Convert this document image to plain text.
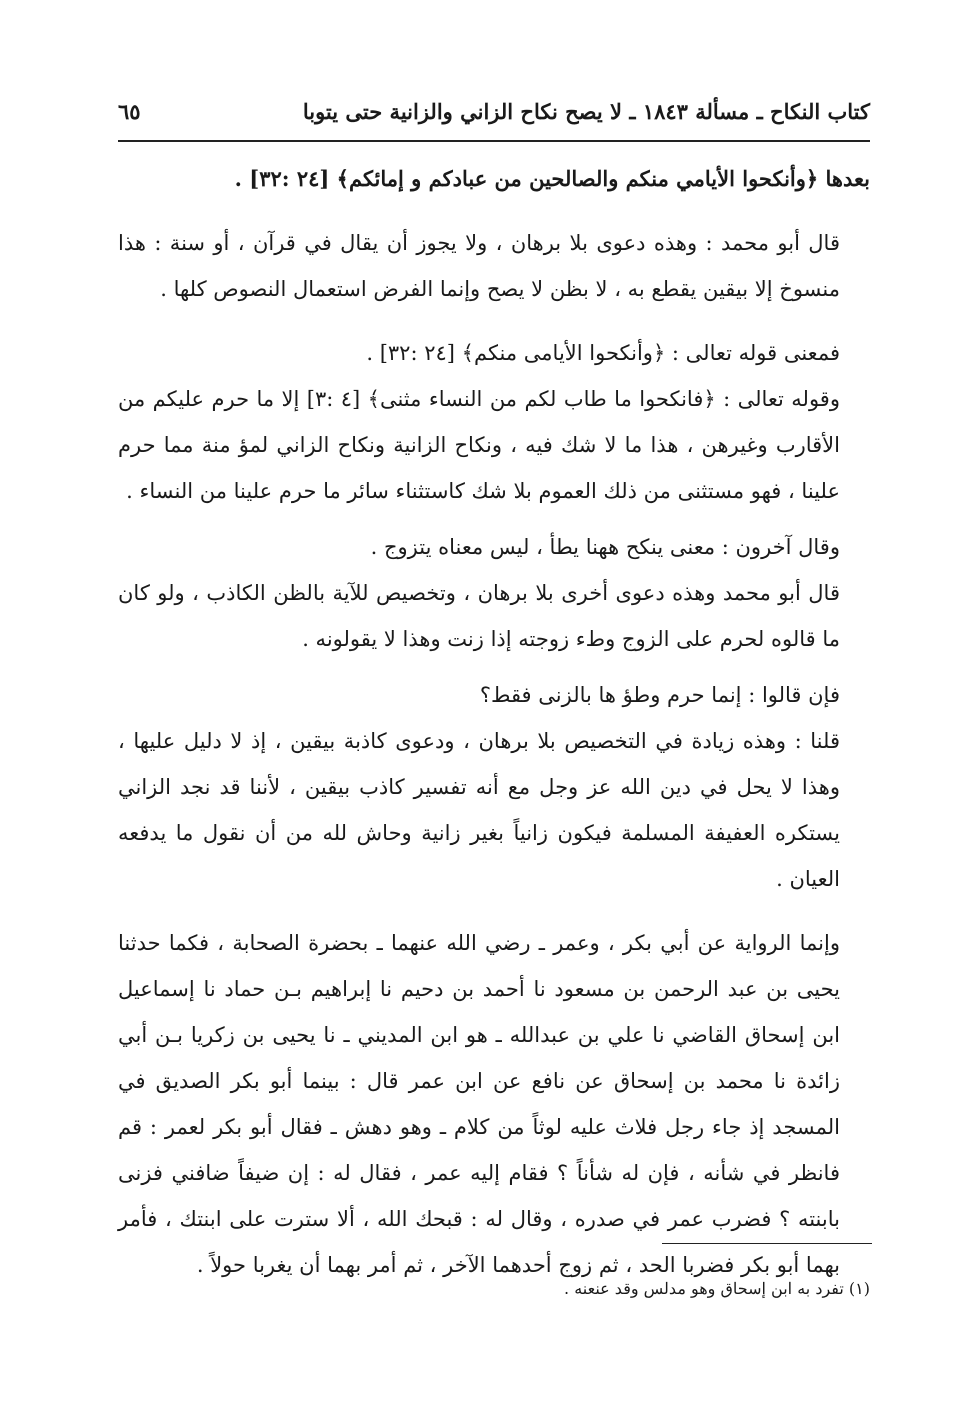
كتاب النكاح ـ مسألة ١٨٤٣ ـ لا يصح نكاح الزاني والزانية حتى يتوبا
٦٥

بعدها ﴿وأنكحوا الأيامي منكم والصالحين من عبادكم و إمائكم﴾ [٢٤ :٣٢] .

قال أبو محمد : وهذه دعوى بلا برهان ، ولا يجوز أن يقال في قرآن ، أو سنة : هذا منسوخ إلا بيقين يقطع به ، لا بظن لا يصح وإنما الفرض استعمال النصوص كلها .

فمعنى قوله تعالى : ﴿وأنكحوا الأيامى منكم﴾ [٢٤ :٣٢] .

وقوله تعالى : ﴿فانكحوا ما طاب لكم من النساء مثنى﴾ [٤ :٣] إلا ما حرم عليكم من الأقارب وغيرهن ، هذا ما لا شك فيه ، ونكاح الزانية ونكاح الزاني لمؤ منة مما حرم علينا ، فهو مستثنى من ذلك العموم بلا شك كاستثناء سائر ما حرم علينا من النساء .

وقال آخرون : معنى ينكح ههنا يطأ ، ليس معناه يتزوج .

قال أبو محمد وهذه دعوى أخرى بلا برهان ، وتخصيص للآية بالظن الكاذب ، ولو كان ما قالوه لحرم على الزوج وطء زوجته إذا زنت وهذا لا يقولونه .

فإن قالوا : إنما حرم وطؤ ها بالزنى فقط؟

قلنا : وهذه زيادة في التخصيص بلا برهان ، ودعوى كاذبة بيقين ، إذ لا دليل عليها ، وهذا لا يحل في دين الله عز وجل مع أنه تفسير كاذب بيقين ، لأننا قد نجد الزاني يستكره العفيفة المسلمة فيكون زانياً بغير زانية وحاش لله من أن نقول ما يدفعه العيان .

وإنما الرواية عن أبي بكر ، وعمر ـ رضي الله عنهما ـ بحضرة الصحابة ، فكما حدثنا يحيى بن عبد الرحمن بن مسعود نا أحمد بن دحيم نا إبراهيم بـن حماد نا إسماعيل ابن إسحاق القاضي نا علي بن عبدالله ـ هو ابن المديني ـ نا يحيى بن زكريا بـن أبي زائدة نا محمد بن إسحاق عن نافع عن ابن عمر قال : بينما أبو بكر الصديق في المسجد إذ جاء رجل فلاث عليه لوثاً من كلام ـ وهو دهش ـ فقال أبو بكر لعمر : قم فانظر في شأنه ، فإن له شأناً ؟ فقام إليه عمر ، فقال له : إن ضيفاً ضافني فزنى بابنته ؟ فضرب عمر في صدره ، وقال له : قبحك الله ، ألا سترت على ابنتك ، فأمر بهما أبو بكر فضربا الحد ، ثم زوج أحدهما الآخر ، ثم أمر بهما أن يغربا حولاً .

(١) تفرد به ابن إسحاق وهو مدلس وقد عنعنه .
